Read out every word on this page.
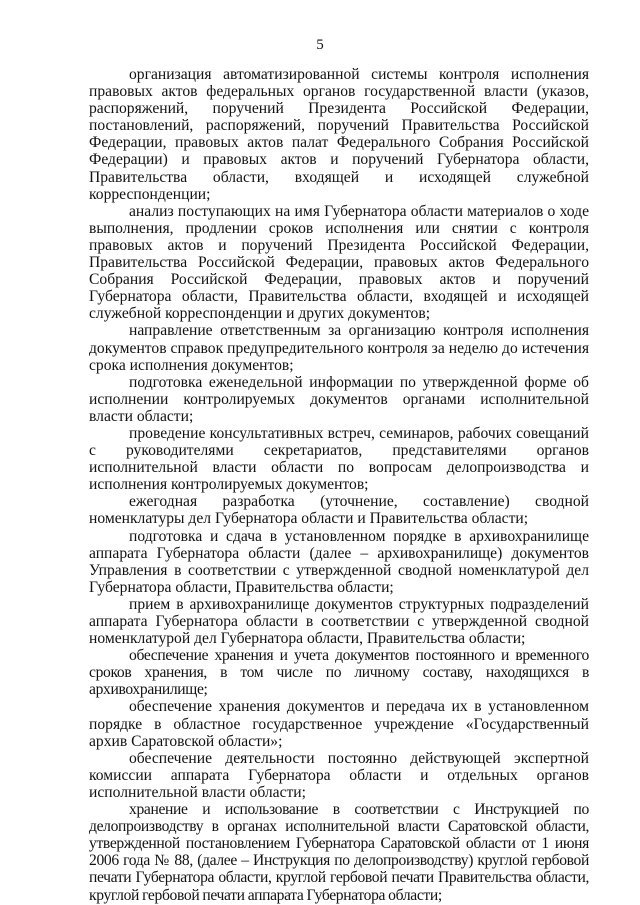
5

организация автоматизированной системы контроля исполнения правовых актов федеральных органов государственной власти (указов, распоряжений, поручений Президента Российской Федерации, постановлений, распоряжений, поручений Правительства Российской Федерации, правовых актов палат Федерального Собрания Российской Федерации) и правовых актов и поручений Губернатора области, Правительства области, входящей и исходящей служебной корреспонденции;

анализ поступающих на имя Губернатора области материалов о ходе выполнения, продлении сроков исполнения или снятии с контроля правовых актов и поручений Президента Российской Федерации, Правительства Российской Федерации, правовых актов Федерального Собрания Российской Федерации, правовых актов и поручений Губернатора области, Правительства области, входящей и исходящей служебной корреспонденции и других документов;

направление ответственным за организацию контроля исполнения документов справок предупредительного контроля за неделю до истечения срока исполнения документов;

подготовка еженедельной информации по утвержденной форме об исполнении контролируемых документов органами исполнительной власти области;

проведение консультативных встреч, семинаров, рабочих совещаний с руководителями секретариатов, представителями органов исполнительной власти области по вопросам делопроизводства и исполнения контролируемых документов;

ежегодная разработка (уточнение, составление) сводной номенклатуры дел Губернатора области и Правительства области;

подготовка и сдача в установленном порядке в архивохранилище аппарата Губернатора области (далее – архивохранилище) документов Управления в соответствии с утвержденной сводной номенклатурой дел Губернатора области, Правительства области;

прием в архивохранилище документов структурных подразделений аппарата Губернатора области в соответствии с утвержденной сводной номенклатурой дел Губернатора области, Правительства области;

обеспечение хранения и учета документов постоянного и временного сроков хранения, в том числе по личному составу, находящихся в архивохранилище;

обеспечение хранения документов и передача их в установленном порядке в областное государственное учреждение «Государственный архив Саратовской области»;

обеспечение деятельности постоянно действующей экспертной комиссии аппарата Губернатора области и отдельных органов исполнительной власти области;

хранение и использование в соответствии с Инструкцией по делопроизводству в органах исполнительной власти Саратовской области, утвержденной постановлением Губернатора Саратовской области от 1 июня 2006 года № 88, (далее – Инструкция по делопроизводству) круглой гербовой печати Губернатора области, круглой гербовой печати Правительства области, круглой гербовой печати аппарата Губернатора области;
